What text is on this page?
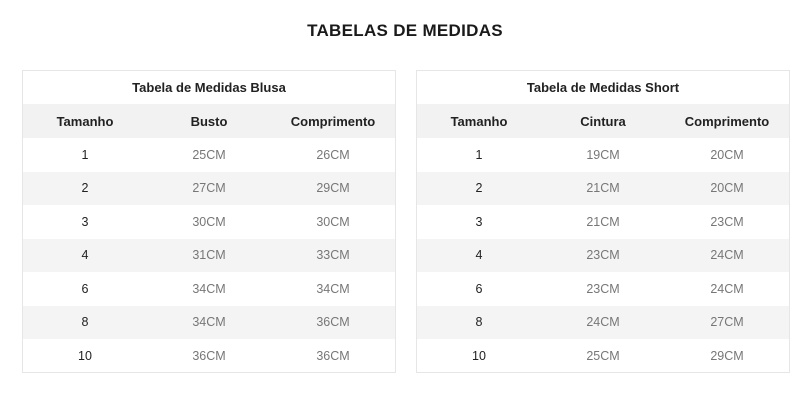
TABELAS DE MEDIDAS
Tabela de Medidas Blusa
Tamanho	Busto	Comprimento
1	25CM	26CM
2	27CM	29CM
3	30CM	30CM
4	31CM	33CM
6	34CM	34CM
8	34CM	36CM
10	36CM	36CM
Tabela de Medidas Short
Tamanho	Cintura	Comprimento
1	19CM	20CM
2	21CM	20CM
3	21CM	23CM
4	23CM	24CM
6	23CM	24CM
8	24CM	27CM
10	25CM	29CM
